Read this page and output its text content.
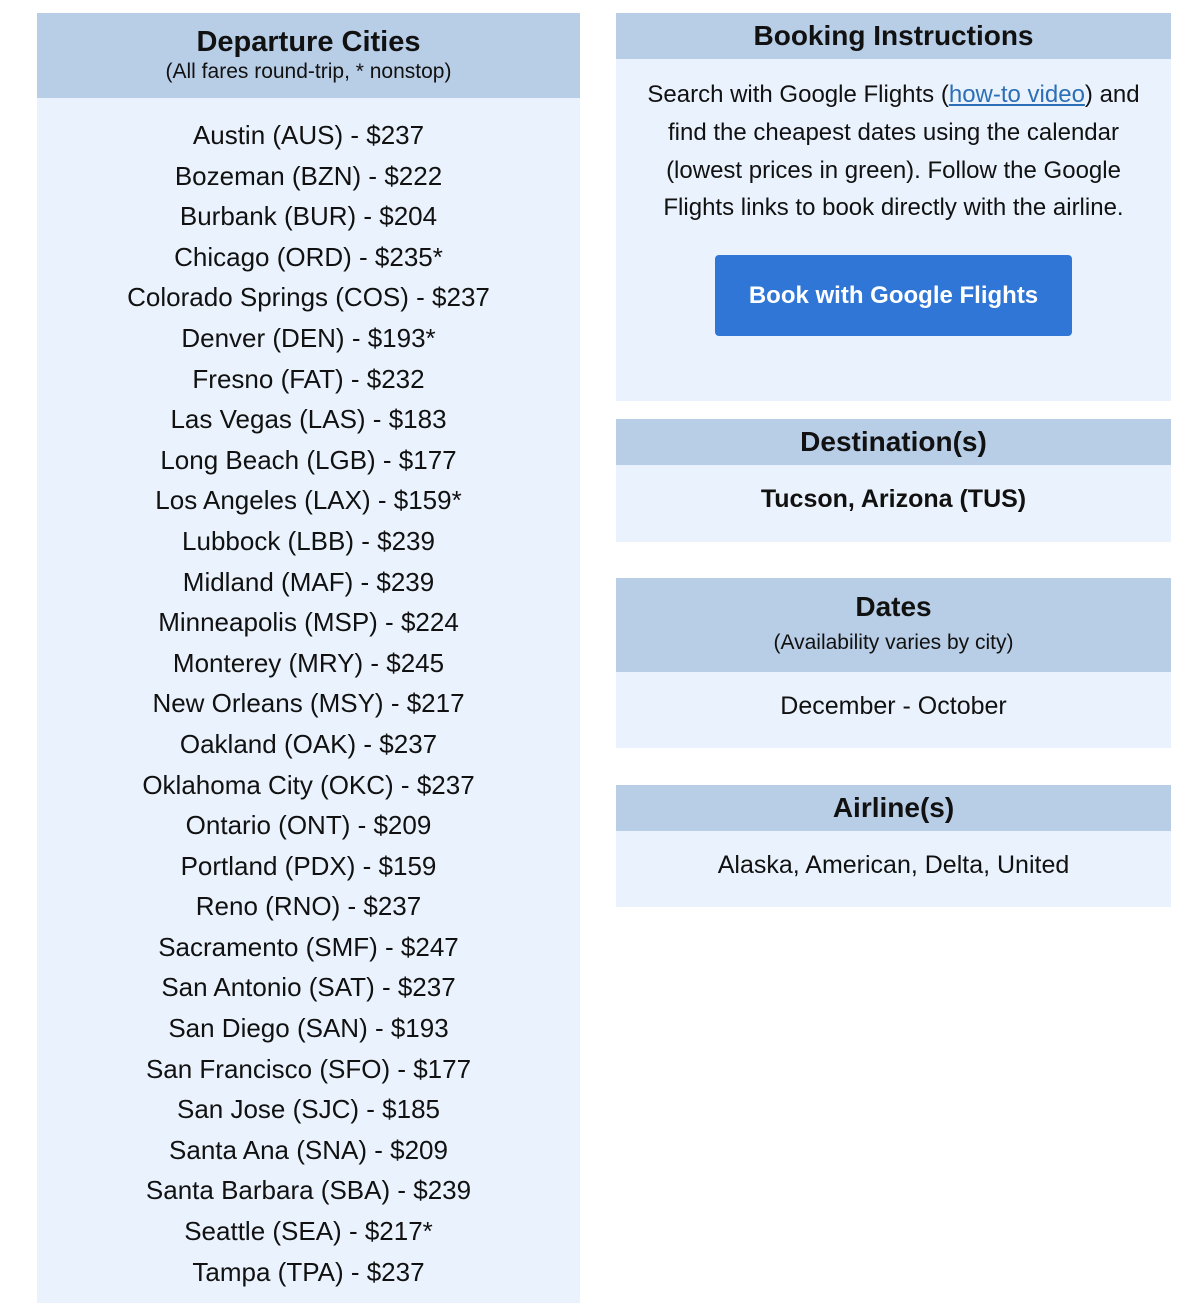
Departure Cities
(All fares round-trip, * nonstop)
Austin (AUS) - $237
Bozeman (BZN) - $222
Burbank (BUR) - $204
Chicago (ORD) - $235*
Colorado Springs (COS) - $237
Denver (DEN) - $193*
Fresno (FAT) - $232
Las Vegas (LAS) - $183
Long Beach (LGB) - $177
Los Angeles (LAX) - $159*
Lubbock (LBB) - $239
Midland (MAF) - $239
Minneapolis (MSP) - $224
Monterey (MRY) - $245
New Orleans (MSY) - $217
Oakland (OAK) - $237
Oklahoma City (OKC) - $237
Ontario (ONT) - $209
Portland (PDX) - $159
Reno (RNO) - $237
Sacramento (SMF) - $247
San Antonio (SAT) - $237
San Diego (SAN) - $193
San Francisco (SFO) - $177
San Jose (SJC) - $185
Santa Ana (SNA) - $209
Santa Barbara (SBA) - $239
Seattle (SEA) - $217*
Tampa (TPA) - $237
Booking Instructions

Search with Google Flights (how-to video) and find the cheapest dates using the calendar (lowest prices in green). Follow the Google Flights links to book directly with the airline.

Book with Google Flights
Destination(s)
Tucson, Arizona (TUS)
Dates
(Availability varies by city)
December - October
Airline(s)
Alaska, American, Delta, United
